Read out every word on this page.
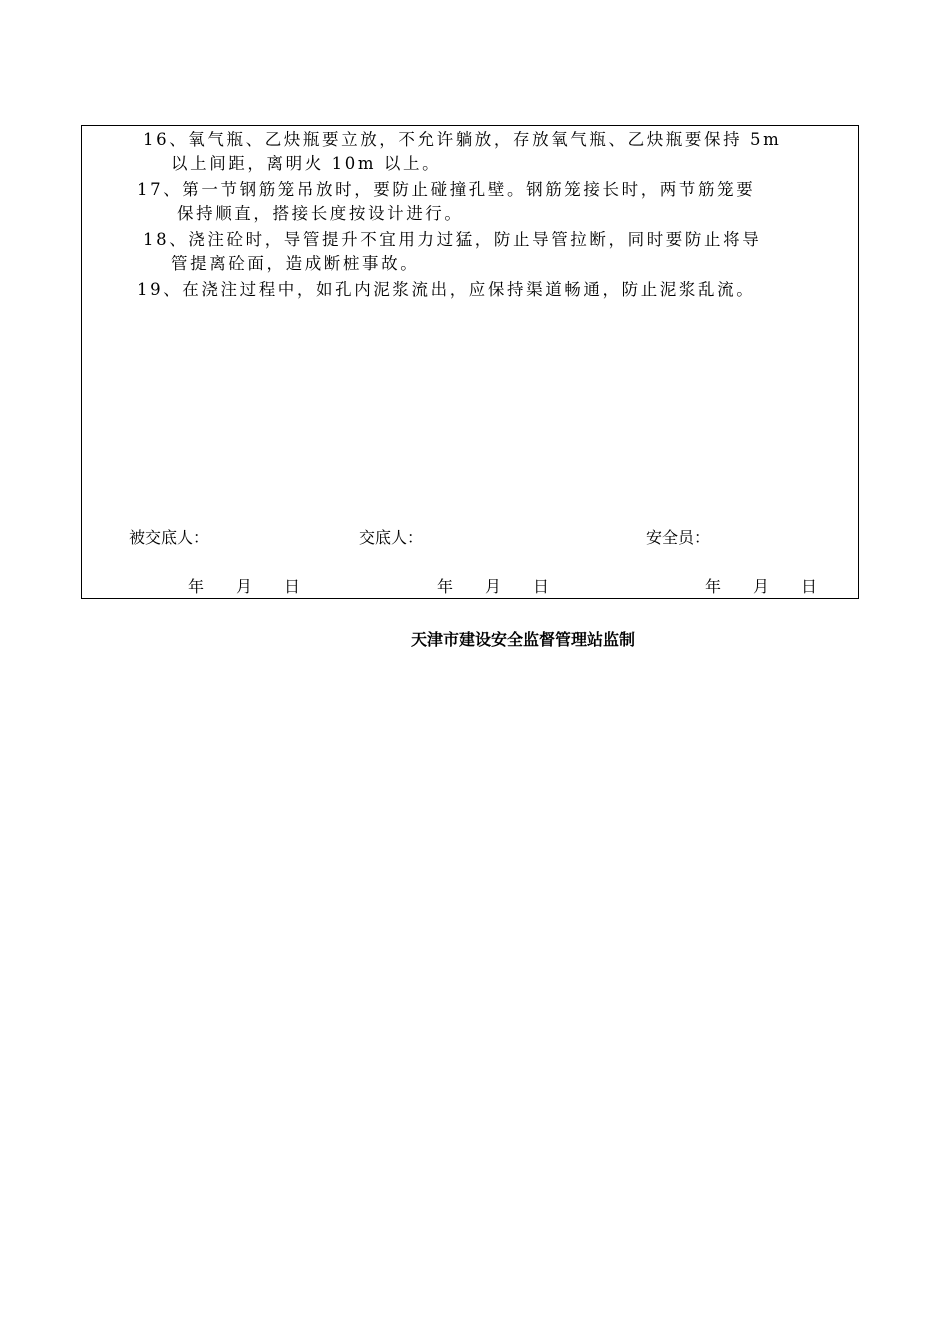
16、氧气瓶、乙炔瓶要立放，不允许躺放，存放氧气瓶、乙炔瓶要保持 5m
以上间距，离明火 10m 以上。
17、第一节钢筋笼吊放时，要防止碰撞孔壁。钢筋笼接长时，两节筋笼要
保持顺直，搭接长度按设计进行。
18、浇注砼时，导管提升不宜用力过猛，防止导管拉断，同时要防止将导
管提离砼面，造成断桩事故。
19、在浇注过程中，如孔内泥浆流出，应保持渠道畅通，防止泥浆乱流。
被交底人：	交底人：	安全员：
年 月 日	年 月 日	年 月 日
天津市建设安全监督管理站监制
